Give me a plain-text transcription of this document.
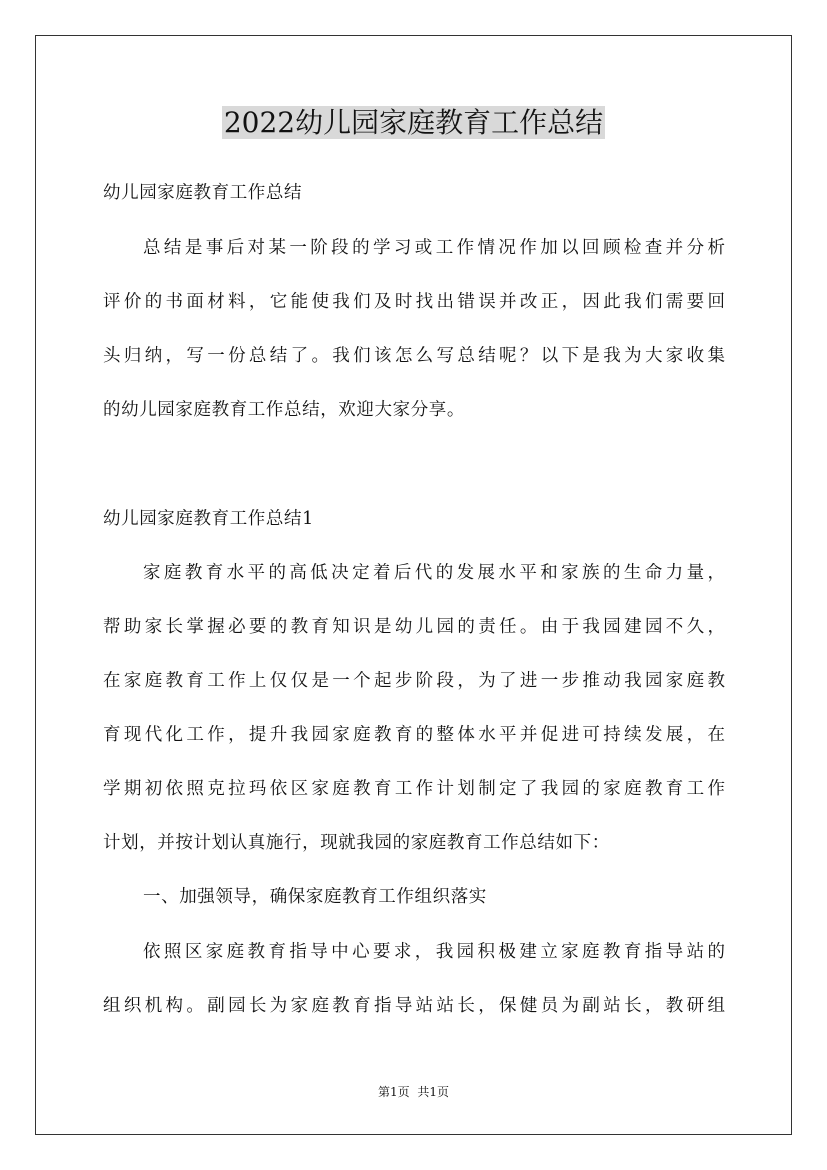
2022幼儿园家庭教育工作总结
幼儿园家庭教育工作总结
总结是事后对某一阶段的学习或工作情况作加以回顾检查并分析
评价的书面材料，它能使我们及时找出错误并改正，因此我们需要回
头归纳，写一份总结了。我们该怎么写总结呢？以下是我为大家收集
的幼儿园家庭教育工作总结，欢迎大家分享。
幼儿园家庭教育工作总结1
家庭教育水平的高低决定着后代的发展水平和家族的生命力量，
帮助家长掌握必要的教育知识是幼儿园的责任。由于我园建园不久，
在家庭教育工作上仅仅是一个起步阶段，为了进一步推动我园家庭教
育现代化工作，提升我园家庭教育的整体水平并促进可持续发展，在
学期初依照克拉玛依区家庭教育工作计划制定了我园的家庭教育工作
计划，并按计划认真施行，现就我园的家庭教育工作总结如下：
一、加强领导，确保家庭教育工作组织落实
依照区家庭教育指导中心要求，我园积极建立家庭教育指导站的
组织机构。副园长为家庭教育指导站站长，保健员为副站长，教研组
第1页 共1页
